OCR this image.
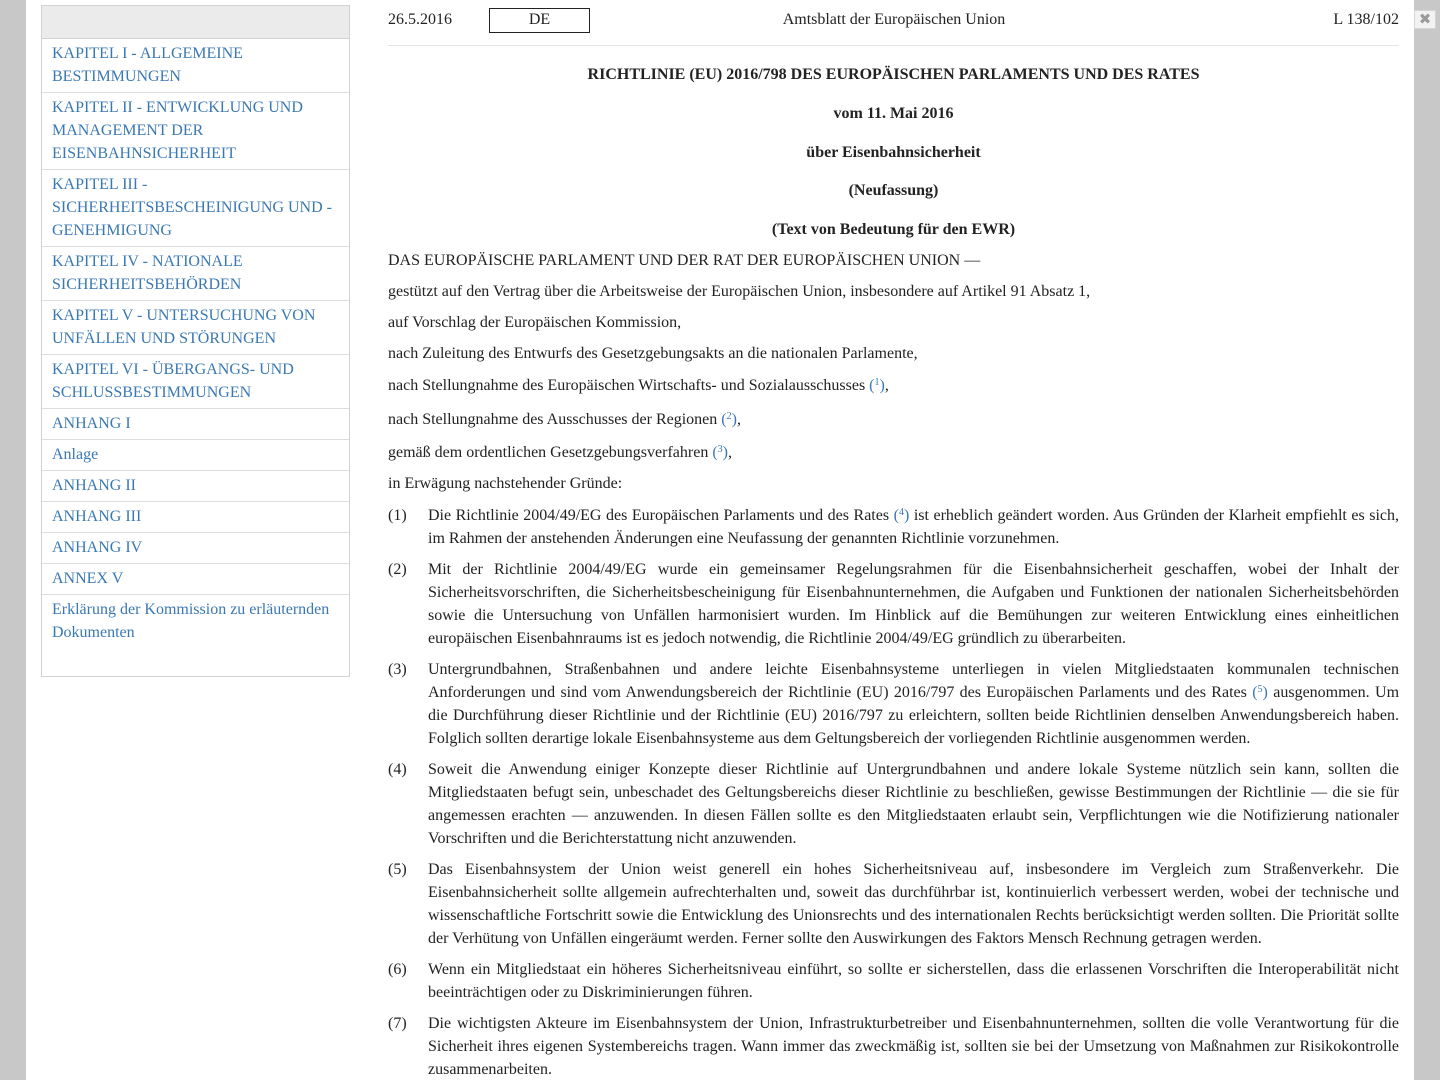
KAPITEL I - ALLGEMEINE BESTIMMUNGEN
KAPITEL II - ENTWICKLUNG UND MANAGEMENT DER EISENBAHNSICHERHEIT
KAPITEL III - SICHERHEITSBESCHEINIGUNG UND -GENEHMIGUNG
KAPITEL IV - NATIONALE SICHERHEITSBEHÖRDEN
KAPITEL V - UNTERSUCHUNG VON UNFÄLLEN UND STÖRUNGEN
KAPITEL VI - ÜBERGANGS- UND SCHLUSSBESTIMMUNGEN
ANHANG I
Anlage
ANHANG II
ANHANG III
ANHANG IV
ANNEX V
Erklärung der Kommission zu erläuternden Dokumenten
26.5.2016	DE	Amtsblatt der Europäischen Union	L 138/102

RICHTLINIE (EU) 2016/798 DES EUROPÄISCHEN PARLAMENTS UND DES RATES

vom 11. Mai 2016

über Eisenbahnsicherheit

(Neufassung)

(Text von Bedeutung für den EWR)

DAS EUROPÄISCHE PARLAMENT UND DER RAT DER EUROPÄISCHEN UNION —

gestützt auf den Vertrag über die Arbeitsweise der Europäischen Union, insbesondere auf Artikel 91 Absatz 1,

auf Vorschlag der Europäischen Kommission,

nach Zuleitung des Entwurfs des Gesetzgebungsakts an die nationalen Parlamente,

nach Stellungnahme des Europäischen Wirtschafts- und Sozialausschusses ($^1$),

nach Stellungnahme des Ausschusses der Regionen ($^2$),

gemäß dem ordentlichen Gesetzgebungsverfahren ($^3$),

in Erwägung nachstehender Gründe:

(1)	Die Richtlinie 2004/49/EG des Europäischen Parlaments und des Rates ($^4$) ist erheblich geändert worden. Aus Gründen der Klarheit empfiehlt es sich, im Rahmen der anstehenden Änderungen eine Neufassung der genannten Richtlinie vorzunehmen.
(2)	Mit der Richtlinie 2004/49/EG wurde ein gemeinsamer Regelungsrahmen für die Eisenbahnsicherheit geschaffen, wobei der Inhalt der Sicherheitsvorschriften, die Sicherheitsbescheinigung für Eisenbahnunternehmen, die Aufgaben und Funktionen der nationalen Sicherheitsbehörden sowie die Untersuchung von Unfällen harmonisiert wurden. Im Hinblick auf die Bemühungen zur weiteren Entwicklung eines einheitlichen europäischen Eisenbahnraums ist es jedoch notwendig, die Richtlinie 2004/49/EG gründlich zu überarbeiten.
(3)	Untergrundbahnen, Straßenbahnen und andere leichte Eisenbahnsysteme unterliegen in vielen Mitgliedstaaten kommunalen technischen Anforderungen und sind vom Anwendungsbereich der Richtlinie (EU) 2016/797 des Europäischen Parlaments und des Rates ($^5$) ausgenommen. Um die Durchführung dieser Richtlinie und der Richtlinie (EU) 2016/797 zu erleichtern, sollten beide Richtlinien denselben Anwendungsbereich haben. Folglich sollten derartige lokale Eisenbahnsysteme aus dem Geltungsbereich der vorliegenden Richtlinie ausgenommen werden.
(4)	Soweit die Anwendung einiger Konzepte dieser Richtlinie auf Untergrundbahnen und andere lokale Systeme nützlich sein kann, sollten die Mitgliedstaaten befugt sein, unbeschadet des Geltungsbereichs dieser Richtlinie zu beschließen, gewisse Bestimmungen der Richtlinie — die sie für angemessen erachten — anzuwenden. In diesen Fällen sollte es den Mitgliedstaaten erlaubt sein, Verpflichtungen wie die Notifizierung nationaler Vorschriften und die Berichterstattung nicht anzuwenden.
(5)	Das Eisenbahnsystem der Union weist generell ein hohes Sicherheitsniveau auf, insbesondere im Vergleich zum Straßenverkehr. Die Eisenbahnsicherheit sollte allgemein aufrechterhalten und, soweit das durchführbar ist, kontinuierlich verbessert werden, wobei der technische und wissenschaftliche Fortschritt sowie die Entwicklung des Unionsrechts und des internationalen Rechts berücksichtigt werden sollten. Die Priorität sollte der Verhütung von Unfällen eingeräumt werden. Ferner sollte den Auswirkungen des Faktors Mensch Rechnung getragen werden.
(6)	Wenn ein Mitgliedstaat ein höheres Sicherheitsniveau einführt, so sollte er sicherstellen, dass die erlassenen Vorschriften die Interoperabilität nicht beeinträchtigen oder zu Diskriminierungen führen.
(7)	Die wichtigsten Akteure im Eisenbahnsystem der Union, Infrastrukturbetreiber und Eisenbahnunternehmen, sollten die volle Verantwortung für die Sicherheit ihres eigenen Systembereichs tragen. Wann immer das zweckmäßig ist, sollten sie bei der Umsetzung von Maßnahmen zur Risikokontrolle zusammenarbeiten.
✖
